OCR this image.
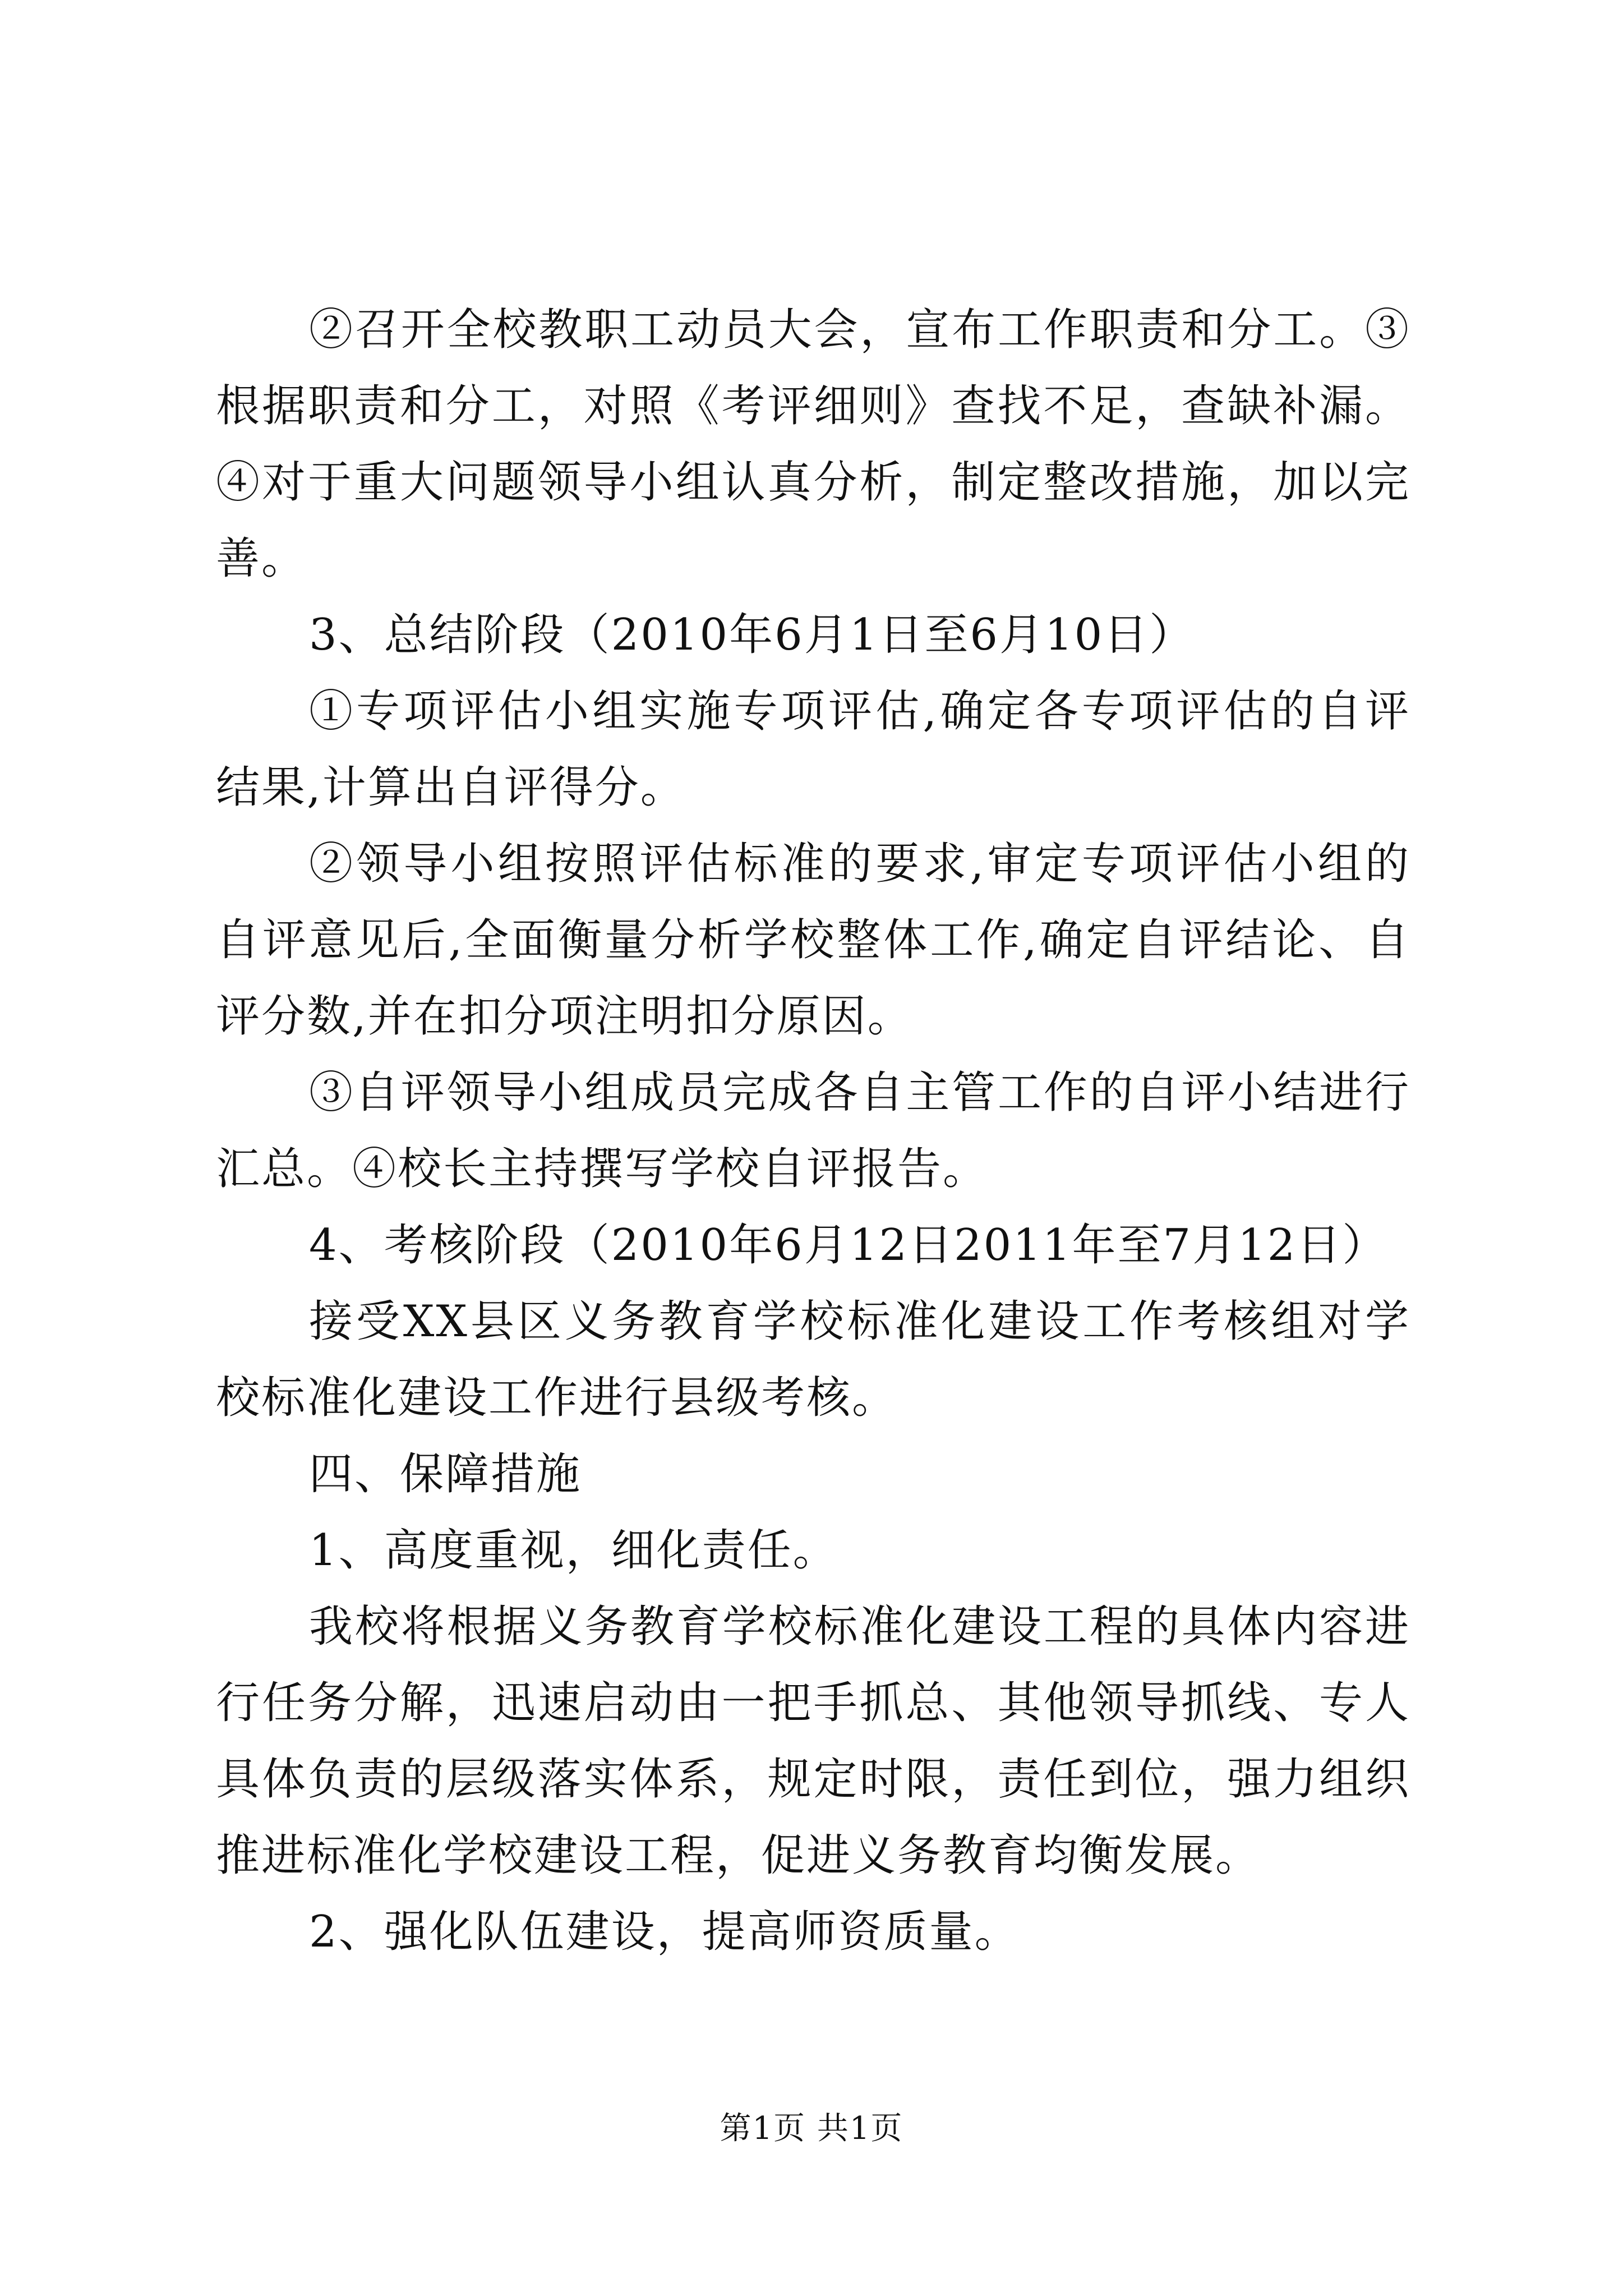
②召开全校教职工动员大会，宣布工作职责和分工。③根据职责和分工，对照《考评细则》查找不足，查缺补漏。④对于重大问题领导小组认真分析，制定整改措施，加以完善。

3、总结阶段（2010年6月1日至6月10日）

①专项评估小组实施专项评估,确定各专项评估的自评结果,计算出自评得分。

②领导小组按照评估标准的要求,审定专项评估小组的自评意见后,全面衡量分析学校整体工作,确定自评结论、自评分数,并在扣分项注明扣分原因。

③自评领导小组成员完成各自主管工作的自评小结进行汇总。④校长主持撰写学校自评报告。

4、考核阶段（2010年6月12日2011年至7月12日）

接受XX县区义务教育学校标准化建设工作考核组对学校标准化建设工作进行县级考核。

四、保障措施

1、高度重视，细化责任。

我校将根据义务教育学校标准化建设工程的具体内容进行任务分解，迅速启动由一把手抓总、其他领导抓线、专人具体负责的层级落实体系，规定时限，责任到位，强力组织推进标准化学校建设工程，促进义务教育均衡发展。

2、强化队伍建设，提高师资质量。

第1页 共1页
